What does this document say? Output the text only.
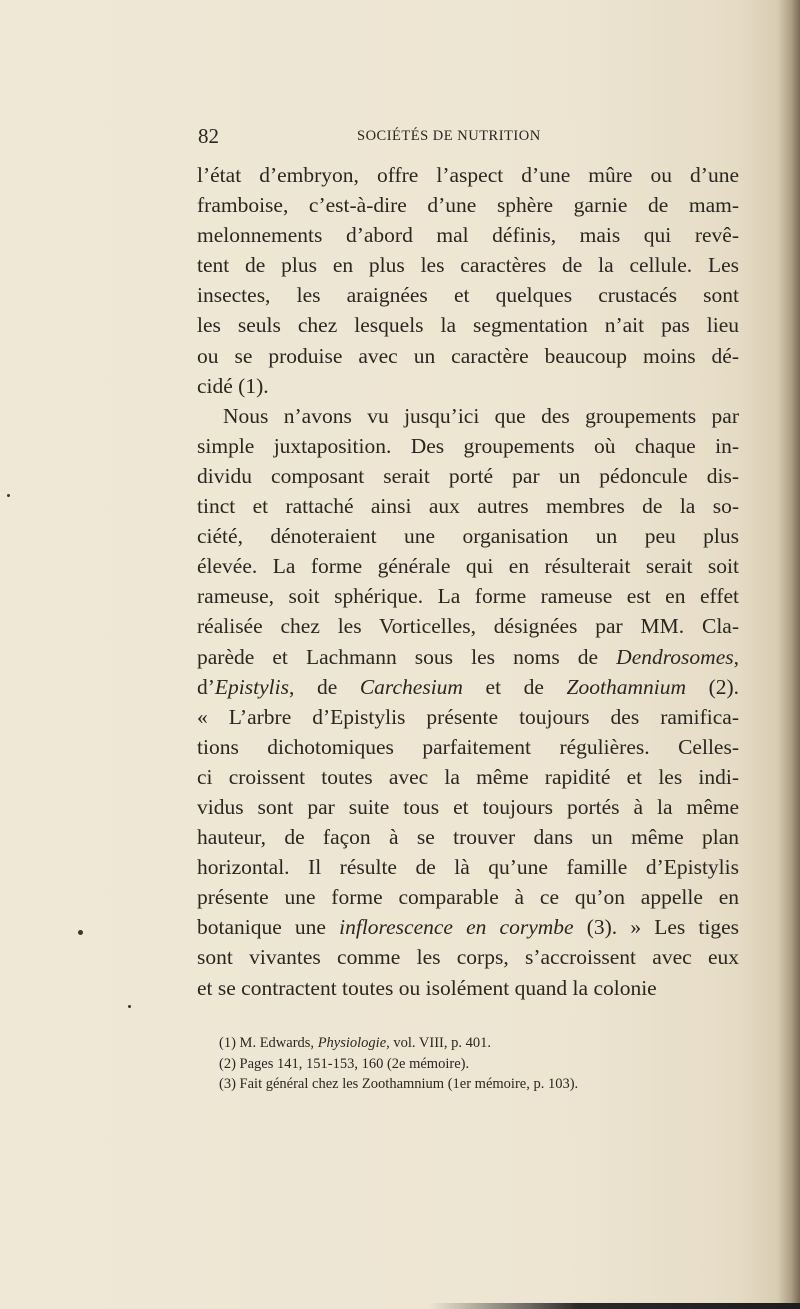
82	SOCIÉTÉS DE NUTRITION
l’état d’embryon, offre l’aspect d’une mûre ou d’une
framboise, c’est-à-dire d’une sphère garnie de mam-
melonnements d’abord mal définis, mais qui revê-
tent de plus en plus les caractères de la cellule. Les
insectes, les araignées et quelques crustacés sont
les seuls chez lesquels la segmentation n’ait pas lieu
ou se produise avec un caractère beaucoup moins dé-
cidé (1).
Nous n’avons vu jusqu’ici que des groupements par
simple juxtaposition. Des groupements où chaque in-
dividu composant serait porté par un pédoncule dis-
tinct et rattaché ainsi aux autres membres de la so-
ciété, dénoteraient une organisation un peu plus
élevée. La forme générale qui en résulterait serait soit
rameuse, soit sphérique. La forme rameuse est en effet
réalisée chez les Vorticelles, désignées par MM. Cla-
parède et Lachmann sous les noms de Dendrosomes,
d’Epistylis, de Carchesium et de Zoothamnium (2).
« L’arbre d’Epistylis présente toujours des ramifica-
tions dichotomiques parfaitement régulières. Celles-
ci croissent toutes avec la même rapidité et les indi-
vidus sont par suite tous et toujours portés à la même
hauteur, de façon à se trouver dans un même plan
horizontal. Il résulte de là qu’une famille d’Epistylis
présente une forme comparable à ce qu’on appelle en
botanique une inflorescence en corymbe (3). » Les tiges
sont vivantes comme les corps, s’accroissent avec eux
et se contractent toutes ou isolément quand la colonie
(1) M. Edwards, Physiologie, vol. VIII, p. 401.
(2) Pages 141, 151-153, 160 (2e mémoire).
(3) Fait général chez les Zoothamnium (1er mémoire, p. 103).
